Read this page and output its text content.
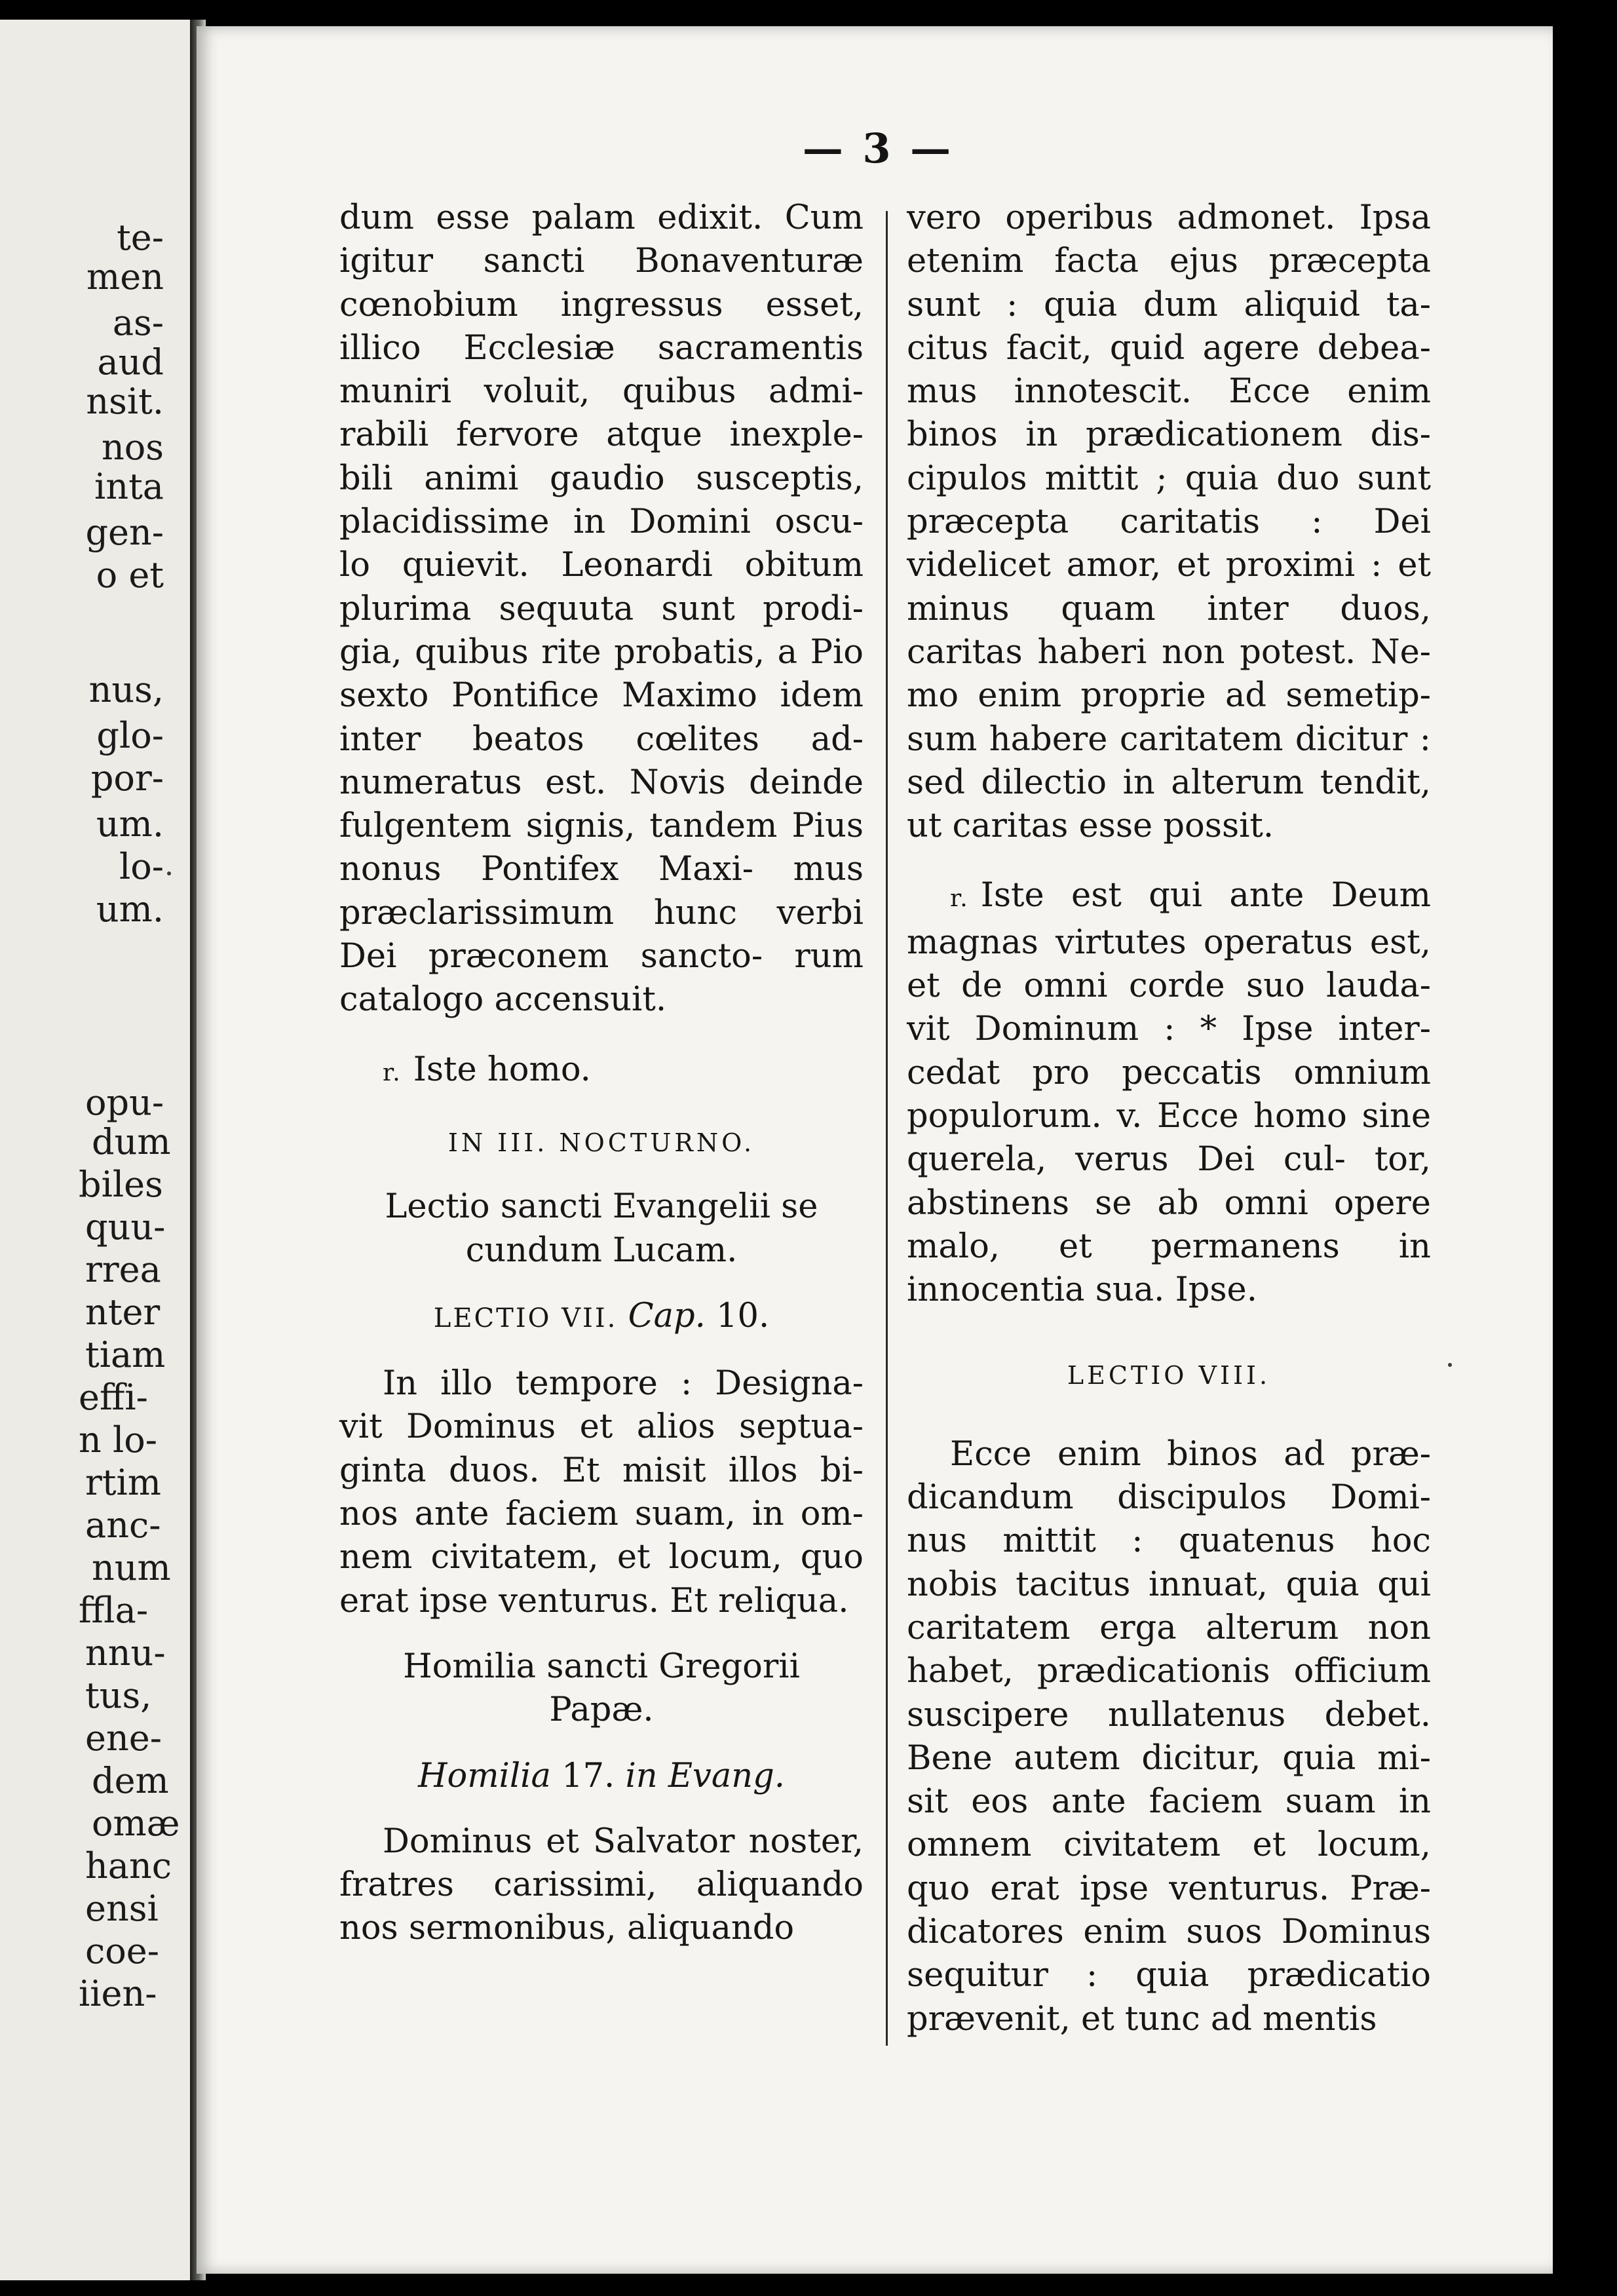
te-
men
as-
aud
nsit.
nos
inta
gen-
o et
nus,
glo-
por-
um.
lo-
um.
opu-
dum
biles
quu-
rrea
nter
tiam
effi-
n lo-
rtim
anc-
num
ffla-
nnu-
tus,
ene-
dem
omæ
hanc
ensi
coe-
iien-
— 3 —

dum esse palam edixit. Cum igitur sancti Bonaventuræ cœnobium ingressus esset, illico Ecclesiæ sacramentis muniri voluit, quibus admi- rabili fervore atque inexple- bili animi gaudio susceptis, placidissime in Domini oscu- lo quievit. Leonardi obitum plurima sequuta sunt prodi- gia, quibus rite probatis, a Pio sexto Pontifice Maximo idem inter beatos cœlites ad- numeratus est. Novis deinde fulgentem signis, tandem Pius nonus Pontifex Maxi- mus præclarissimum hunc verbi Dei præconem sancto- rum catalogo accensuit.

r. Iste homo.

IN III. NOCTURNO.

Lectio sancti Evangelii se
cundum Lucam.

LECTIO VII. Cap. 10.

In illo tempore : Designa- vit Dominus et alios septua- ginta duos. Et misit illos bi- nos ante faciem suam, in om- nem civitatem, et locum, quo erat ipse venturus. Et reliqua.

Homilia sancti Gregorii
Papæ.

Homilia 17. in Evang.

Dominus et Salvator noster, fratres carissimi, aliquando nos sermonibus, aliquando

vero operibus admonet. Ipsa etenim facta ejus præcepta sunt : quia dum aliquid ta- citus facit, quid agere debea- mus innotescit. Ecce enim binos in prædicationem dis- cipulos mittit ; quia duo sunt præcepta caritatis : Dei videlicet amor, et proximi : et minus quam inter duos, caritas haberi non potest. Ne- mo enim proprie ad semetip- sum habere caritatem dicitur : sed dilectio in alterum tendit, ut caritas esse possit.

r. Iste est qui ante Deum magnas virtutes operatus est, et de omni corde suo lauda- vit Dominum : * Ipse inter- cedat pro peccatis omnium populorum. v. Ecce homo sine querela, verus Dei cul- tor, abstinens se ab omni opere malo, et permanens in innocentia sua. Ipse.

LECTIO VIII.

Ecce enim binos ad præ- dicandum discipulos Domi- nus mittit : quatenus hoc nobis tacitus innuat, quia qui caritatem erga alterum non habet, prædicationis officium suscipere nullatenus debet. Bene autem dicitur, quia mi- sit eos ante faciem suam in omnem civitatem et locum, quo erat ipse venturus. Præ- dicatores enim suos Dominus sequitur : quia prædicatio prævenit, et tunc ad mentis
